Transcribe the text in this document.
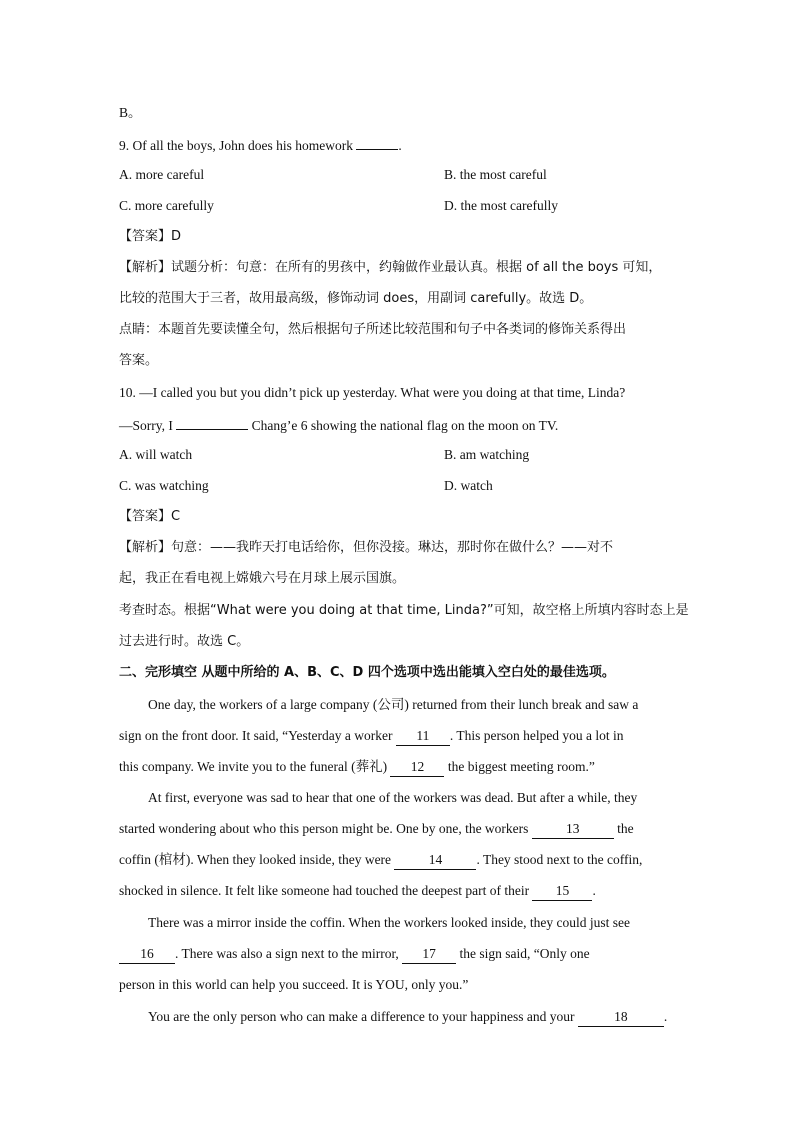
B。
9. Of all the boys, John does his homework	.
A. more careful	B. the most careful
C. more carefully	D. the most carefully
【答案】D
【解析】试题分析：句意：在所有的男孩中，约翰做作业最认真。根据 of all the boys 可知，
比较的范围大于三者，故用最高级，修饰动词 does，用副词 carefully。故选 D。
点睛：本题首先要读懂全句，然后根据句子所述比较范围和句子中各类词的修饰关系得出
答案。
10. —I called you but you didn’t pick up yesterday. What were you doing at that time, Linda?
—Sorry, I	Chang’e 6 showing the national flag on the moon on TV.
A. will watch	B. am watching
C. was watching	D. watch
【答案】C
【解析】句意：——我昨天打电话给你，但你没接。琳达，那时你在做什么？——对不
起，我正在看电视上嫦娥六号在月球上展示国旗。
考查时态。根据“What were you doing at that time, Linda?”可知，故空格上所填内容时态上是
过去进行时。故选 C。
二、完形填空 从题中所给的 A、B、C、D 四个选项中选出能填入空白处的最佳选项。
One day, the workers of a large company (公司) returned from their lunch break and saw a
sign on the front door. It said, “Yesterday a worker 11 . This person helped you a lot in
this company. We invite you to the funeral (葬礼) 12 the biggest meeting room.”
At first, everyone was sad to hear that one of the workers was dead. But after a while, they
started wondering about who this person might be. One by one, the workers	13	the
coffin (棺材). When they looked inside, they were	14	. They stood next to the coffin,
shocked in silence. It felt like someone had touched the deepest part of their 15 .
There was a mirror inside the coffin. When the workers looked inside, they could just see
16 . There was also a sign next to the mirror, 17 the sign said, “Only one
person in this world can help you succeed. It is YOU, only you.”
You are the only person who can make a difference to your happiness and your	18	.
